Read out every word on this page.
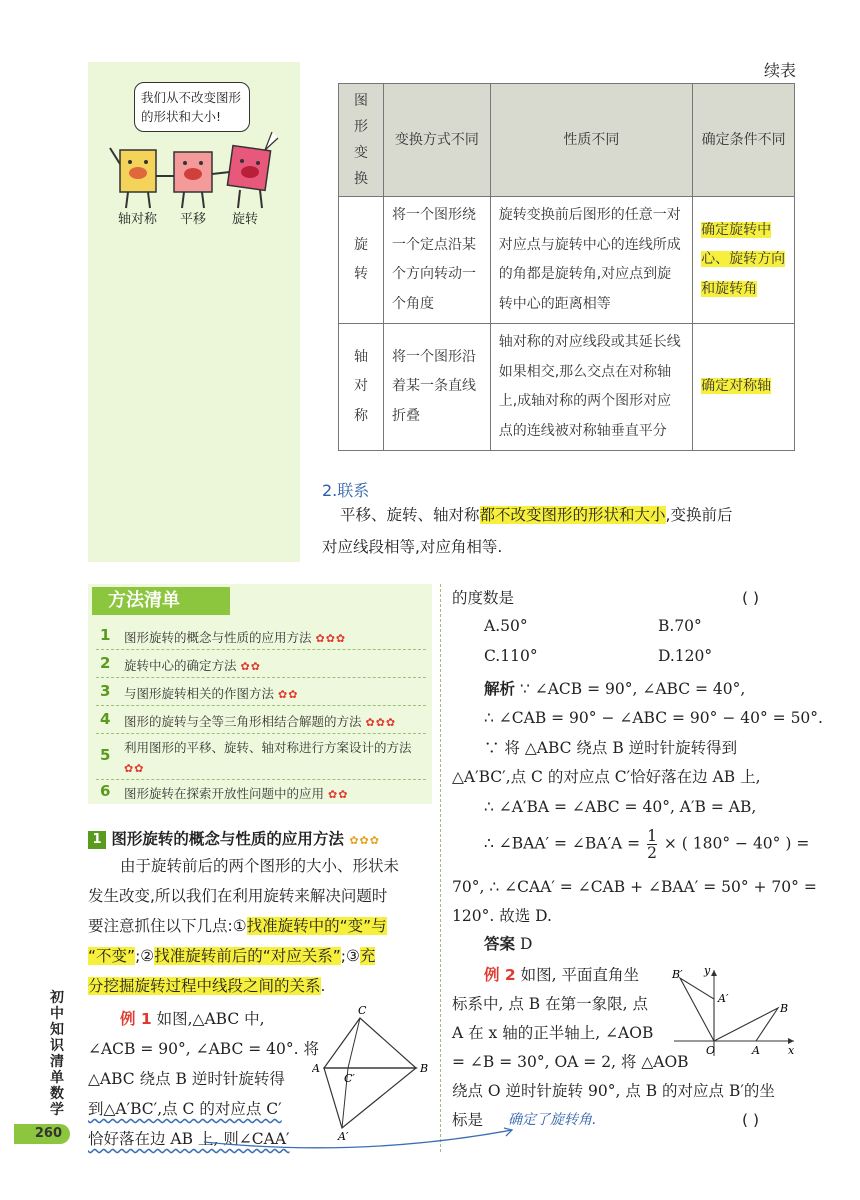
续表
我们从不改变图形
的形状和大小!
轴对称	平移	旋转
图形变换	变换方式不同	性质不同	确定条件不同
旋转	将一个图形绕一个定点沿某个方向转动一个角度	旋转变换前后图形的任意一对对应点与旋转中心的连线所成的角都是旋转角,对应点到旋转中心的距离相等	确定旋转中心、旋转方向和旋转角
轴对称	将一个图形沿着某一条直线折叠	轴对称的对应线段或其延长线如果相交,那么交点在对称轴上,成轴对称的两个图形对应点的连线被对称轴垂直平分	确定对称轴
2.联系
平移、旋转、轴对称都不改变图形的形状和大小,变换前后
对应线段相等,对应角相等.
方法清单
1 图形旋转的概念与性质的应用方法 ✿✿✿
2 旋转中心的确定方法 ✿✿
3 与图形旋转相关的作图方法 ✿✿
4 图形的旋转与全等三角形相结合解题的方法 ✿✿✿
5 利用图形的平移、旋转、轴对称进行方案设计的方法 ✿✿
6 图形旋转在探索开放性问题中的应用 ✿✿
1 图形旋转的概念与性质的应用方法 ✿✿✿
由于旋转前后的两个图形的大小、形状未
发生改变,所以我们在利用旋转来解决问题时
要注意抓住以下几点:①找准旋转中的“变”与
“不变”;②找准旋转前后的“对应关系”;③充
分挖掘旋转过程中线段之间的关系.
例 1 如图,△ABC 中,
∠ACB = 90°, ∠ABC = 40°. 将
△ABC 绕点 B 逆时针旋转得
到△A′BC′,点 C 的对应点 C′
恰好落在边 AB 上, 则∠CAA′
C
A	B
C′
A′
的度数是	( )
A.50°	B.70°
C.110°	D.120°
解析 ∵ ∠ACB = 90°, ∠ABC = 40°,
∴ ∠CAB = 90° − ∠ABC = 90° − 40° = 50°.
∵ 将 △ABC 绕点 B 逆时针旋转得到
△A′BC′,点 C 的对应点 C′恰好落在边 AB 上,
∴ ∠A′BA = ∠ABC = 40°, A′B = AB,
∴ ∠BAA′ = ∠BA′A = $\frac{1}{2}$ × ( 180° − 40° ) =
70°, ∴ ∠CAA′ = ∠CAB + ∠BAA′ = 50° + 70° =
120°. 故选 D.
答案 D
例 2 如图, 平面直角坐
标系中, 点 B 在第一象限, 点
A 在 x 轴的正半轴上, ∠AOB
= ∠B = 30°, OA = 2, 将 △AOB
绕点 O 逆时针旋转 90°, 点 B 的对应点 B′的坐
标是 确定了旋转角.	( )
B′ y
A′
B
O	A	x
初中知识清单 数学
260
